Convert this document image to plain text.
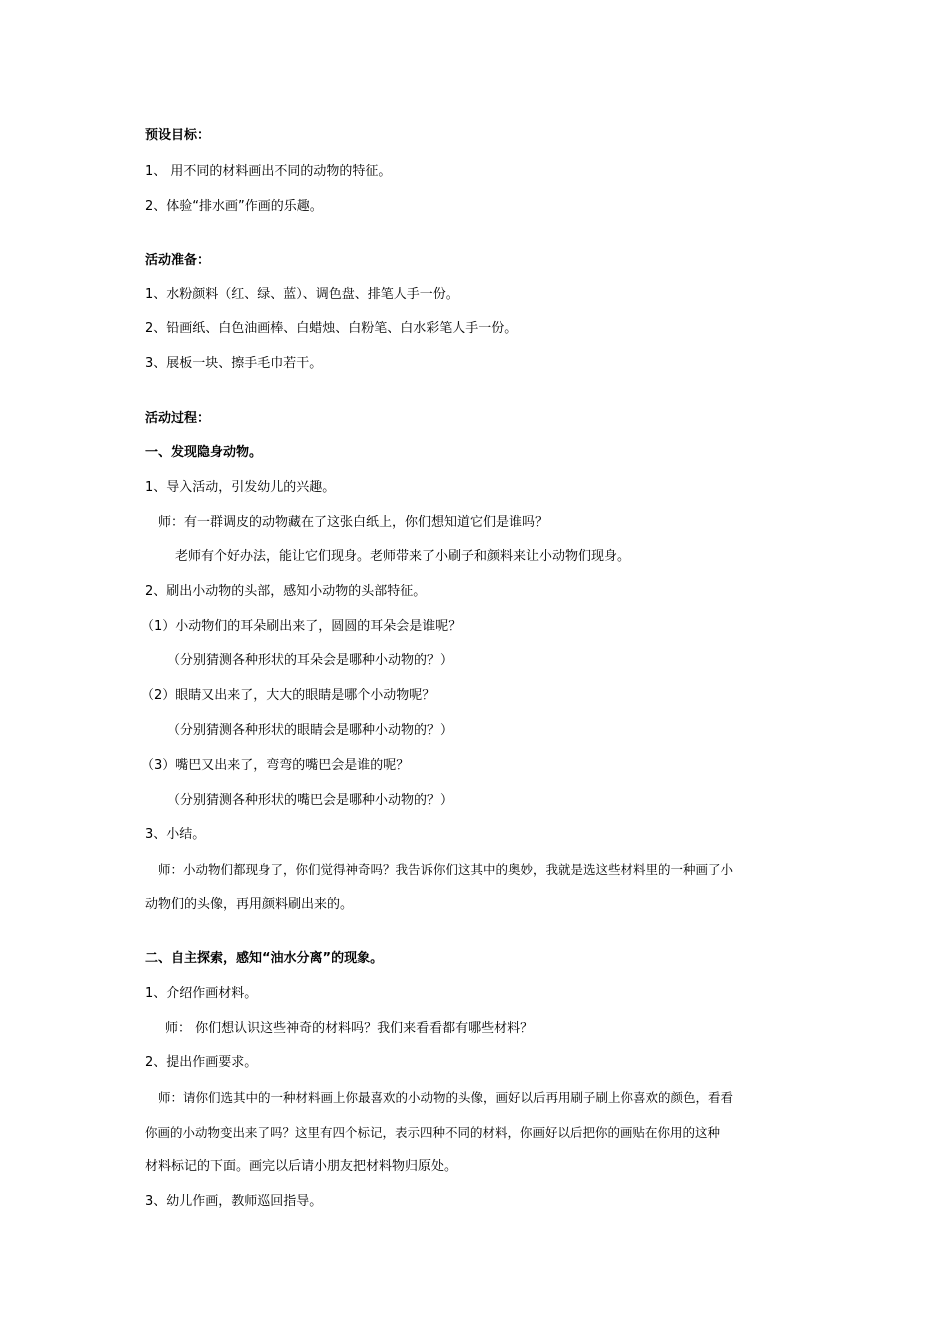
预设目标：
1、 用不同的材料画出不同的动物的特征。
2、体验“排水画”作画的乐趣。
活动准备：
1、水粉颜料（红、绿、蓝）、调色盘、排笔人手一份。
2、铅画纸、白色油画棒、白蜡烛、白粉笔、白水彩笔人手一份。
3、展板一块、擦手毛巾若干。
活动过程：
一、发现隐身动物。
1、导入活动，引发幼儿的兴趣。
师：有一群调皮的动物藏在了这张白纸上，你们想知道它们是谁吗？
老师有个好办法，能让它们现身。老师带来了小刷子和颜料来让小动物们现身。
2、刷出小动物的头部，感知小动物的头部特征。
（1）小动物们的耳朵刷出来了，圆圆的耳朵会是谁呢？
（分别猜测各种形状的耳朵会是哪种小动物的？）
（2）眼睛又出来了，大大的眼睛是哪个小动物呢？
（分别猜测各种形状的眼睛会是哪种小动物的？）
（3）嘴巴又出来了，弯弯的嘴巴会是谁的呢？
（分别猜测各种形状的嘴巴会是哪种小动物的？）
3、小结。
师：小动物们都现身了，你们觉得神奇吗？我告诉你们这其中的奥妙，我就是选这些材料里的一种画了小
动物们的头像，再用颜料刷出来的。
二、自主探索，感知“油水分离”的现象。
1、介绍作画材料。
师： 你们想认识这些神奇的材料吗？我们来看看都有哪些材料？
2、提出作画要求。
师：请你们选其中的一种材料画上你最喜欢的小动物的头像，画好以后再用刷子刷上你喜欢的颜色，看看
你画的小动物变出来了吗？这里有四个标记，表示四种不同的材料，你画好以后把你的画贴在你用的这种
材料标记的下面。画完以后请小朋友把材料物归原处。
3、幼儿作画，教师巡回指导。
